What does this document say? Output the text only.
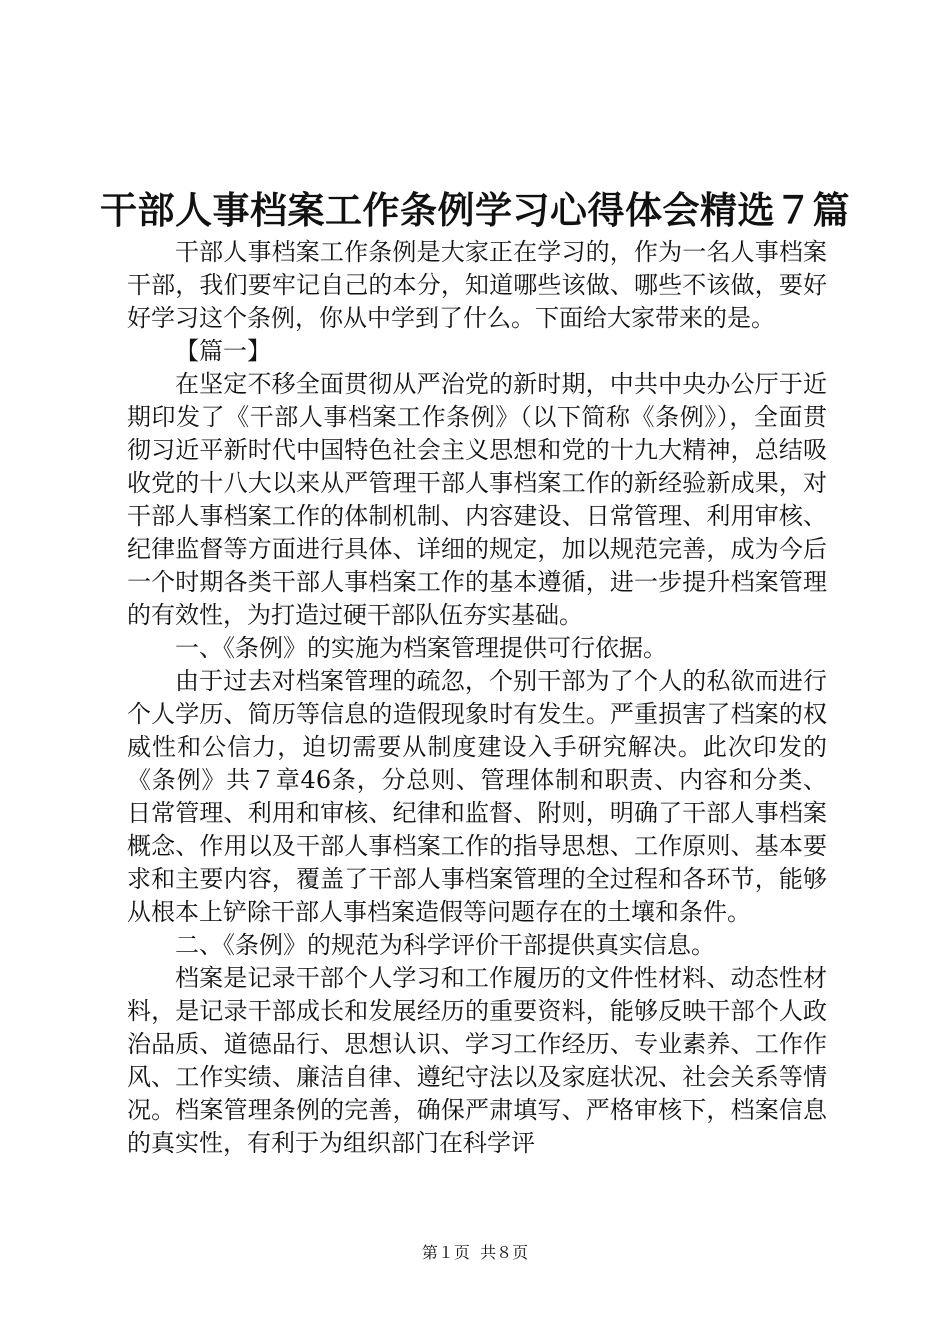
干部人事档案工作条例学习心得体会精选７篇

干部人事档案工作条例是大家正在学习的，作为一名人事档案干部，我们要牢记自己的本分，知道哪些该做、哪些不该做，要好好学习这个条例，你从中学到了什么。下面给大家带来的是。

【篇一】

在坚定不移全面贯彻从严治党的新时期，中共中央办公厅于近期印发了《干部人事档案工作条例》（以下简称《条例》），全面贯彻习近平新时代中国特色社会主义思想和党的十九大精神，总结吸收党的十八大以来从严管理干部人事档案工作的新经验新成果，对干部人事档案工作的体制机制、内容建设、日常管理、利用审核、纪律监督等方面进行具体、详细的规定，加以规范完善，成为今后一个时期各类干部人事档案工作的基本遵循，进一步提升档案管理的有效性，为打造过硬干部队伍夯实基础。

一、《条例》的实施为档案管理提供可行依据。

由于过去对档案管理的疏忽，个别干部为了个人的私欲而进行个人学历、简历等信息的造假现象时有发生。严重损害了档案的权威性和公信力，迫切需要从制度建设入手研究解决。此次印发的《条例》共７章46条，分总则、管理体制和职责、内容和分类、日常管理、利用和审核、纪律和监督、附则，明确了干部人事档案概念、作用以及干部人事档案工作的指导思想、工作原则、基本要求和主要内容，覆盖了干部人事档案管理的全过程和各环节，能够从根本上铲除干部人事档案造假等问题存在的土壤和条件。

二、《条例》的规范为科学评价干部提供真实信息。

档案是记录干部个人学习和工作履历的文件性材料、动态性材料，是记录干部成长和发展经历的重要资料，能够反映干部个人政治品质、道德品行、思想认识、学习工作经历、专业素养、工作作风、工作实绩、廉洁自律、遵纪守法以及家庭状况、社会关系等情况。档案管理条例的完善，确保严肃填写、严格审核下，档案信息的真实性，有利于为组织部门在科学评

第１页 共８页
